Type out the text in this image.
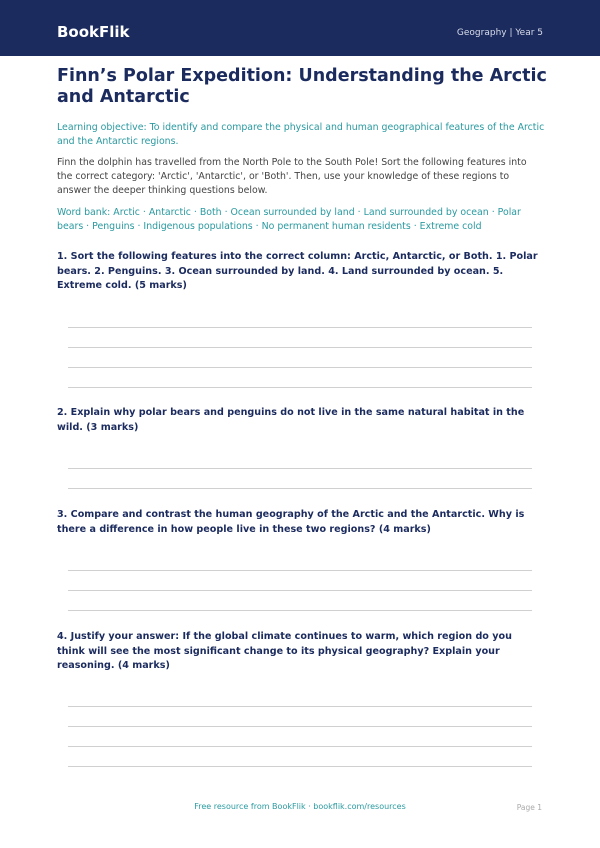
BookFlik	Geography | Year 5
Finn’s Polar Expedition: Understanding the Arctic and Antarctic
Learning objective: To identify and compare the physical and human geographical features of the Arctic and the Antarctic regions.
Finn the dolphin has travelled from the North Pole to the South Pole! Sort the following features into the correct category: 'Arctic', 'Antarctic', or 'Both'. Then, use your knowledge of these regions to answer the deeper thinking questions below.
Word bank: Arctic · Antarctic · Both · Ocean surrounded by land · Land surrounded by ocean · Polar bears · Penguins · Indigenous populations · No permanent human residents · Extreme cold
1. Sort the following features into the correct column: Arctic, Antarctic, or Both. 1. Polar bears. 2. Penguins. 3. Ocean surrounded by land. 4. Land surrounded by ocean. 5. Extreme cold. (5 marks)
2. Explain why polar bears and penguins do not live in the same natural habitat in the wild. (3 marks)
3. Compare and contrast the human geography of the Arctic and the Antarctic. Why is there a difference in how people live in these two regions? (4 marks)
4. Justify your answer: If the global climate continues to warm, which region do you think will see the most significant change to its physical geography? Explain your reasoning. (4 marks)
Free resource from BookFlik · bookflik.com/resources	Page 1
